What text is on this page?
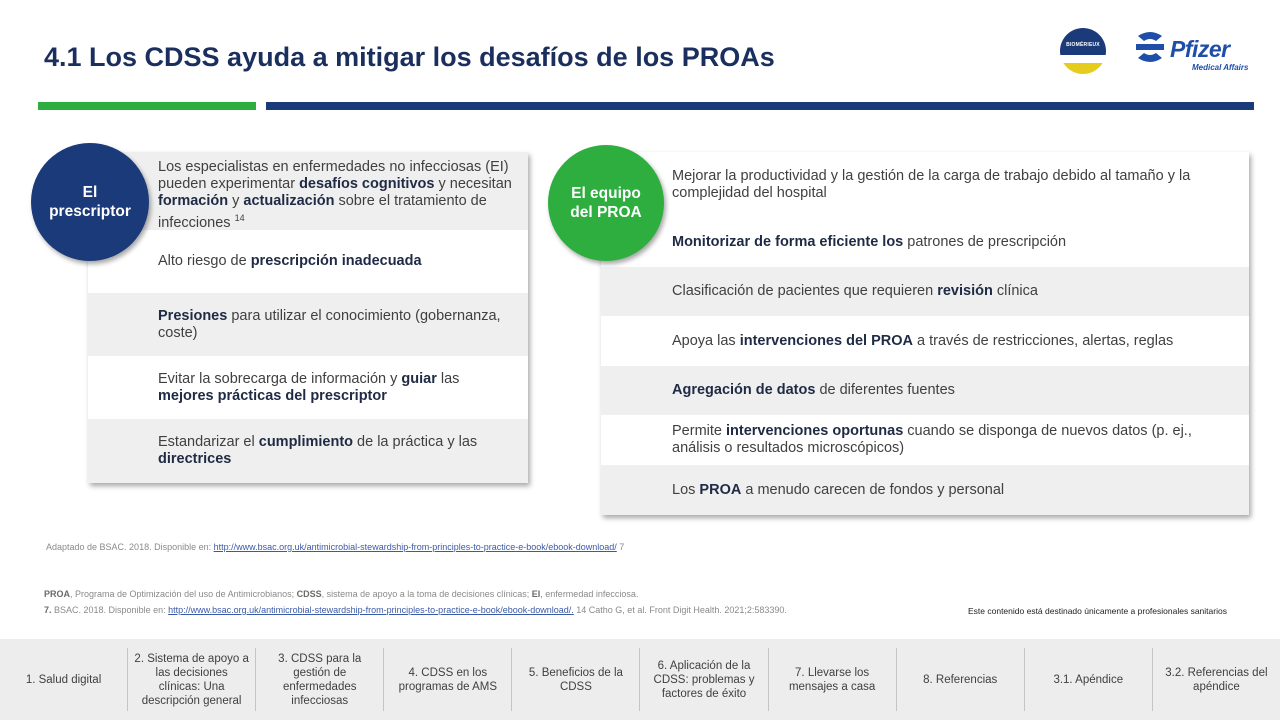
4.1 Los CDSS ayuda a mitigar los desafíos de los PROAs	BIOMÉRIEUX	Pfizer
Medical Affairs
Los especialistas en enfermedades no infecciosas (EI) pueden experimentar desafíos cognitivos y necesitan formación y actualización sobre el tratamiento de infecciones $^{14}$
Alto riesgo de prescripción inadecuada
Presiones para utilizar el conocimiento (gobernanza, coste)
Evitar la sobrecarga de información y guiar las mejores prácticas del prescriptor
Estandarizar el cumplimiento de la práctica y las directrices
El
prescriptor
Mejorar la productividad y la gestión de la carga de trabajo debido al tamaño y la complejidad del hospital
Monitorizar de forma eficiente los patrones de prescripción
Clasificación de pacientes que requieren revisión clínica
Apoya las intervenciones del PROA a través de restricciones, alertas, reglas
Agregación de datos de diferentes fuentes
Permite intervenciones oportunas cuando se disponga de nuevos datos (p. ej., análisis o resultados microscópicos)
Los PROA a menudo carecen de fondos y personal
El equipo
del PROA
Adaptado de BSAC. 2018. Disponible en: http://www.bsac.org.uk/antimicrobial-stewardship-from-principles-to-practice-e-book/ebook-download/ 7
PROA, Programa de Optimización del uso de Antimicrobianos; CDSS, sistema de apoyo a la toma de decisiones clínicas; EI, enfermedad infecciosa.
7. BSAC. 2018. Disponible en: http://www.bsac.org.uk/antimicrobial-stewardship-from-principles-to-practice-e-book/ebook-download/. 14 Catho G, et al. Front Digit Health. 2021;2:583390.	Este contenido está destinado únicamente a profesionales sanitarios
1. Salud digital
2. Sistema de apoyo a las decisiones clínicas: Una descripción general
3. CDSS para la gestión de enfermedades infecciosas
4. CDSS en los programas de AMS
5. Beneficios de la CDSS
6. Aplicación de la CDSS: problemas y factores de éxito
7. Llevarse los mensajes a casa
8. Referencias	3.1. Apéndice
3.2. Referencias del apéndice
